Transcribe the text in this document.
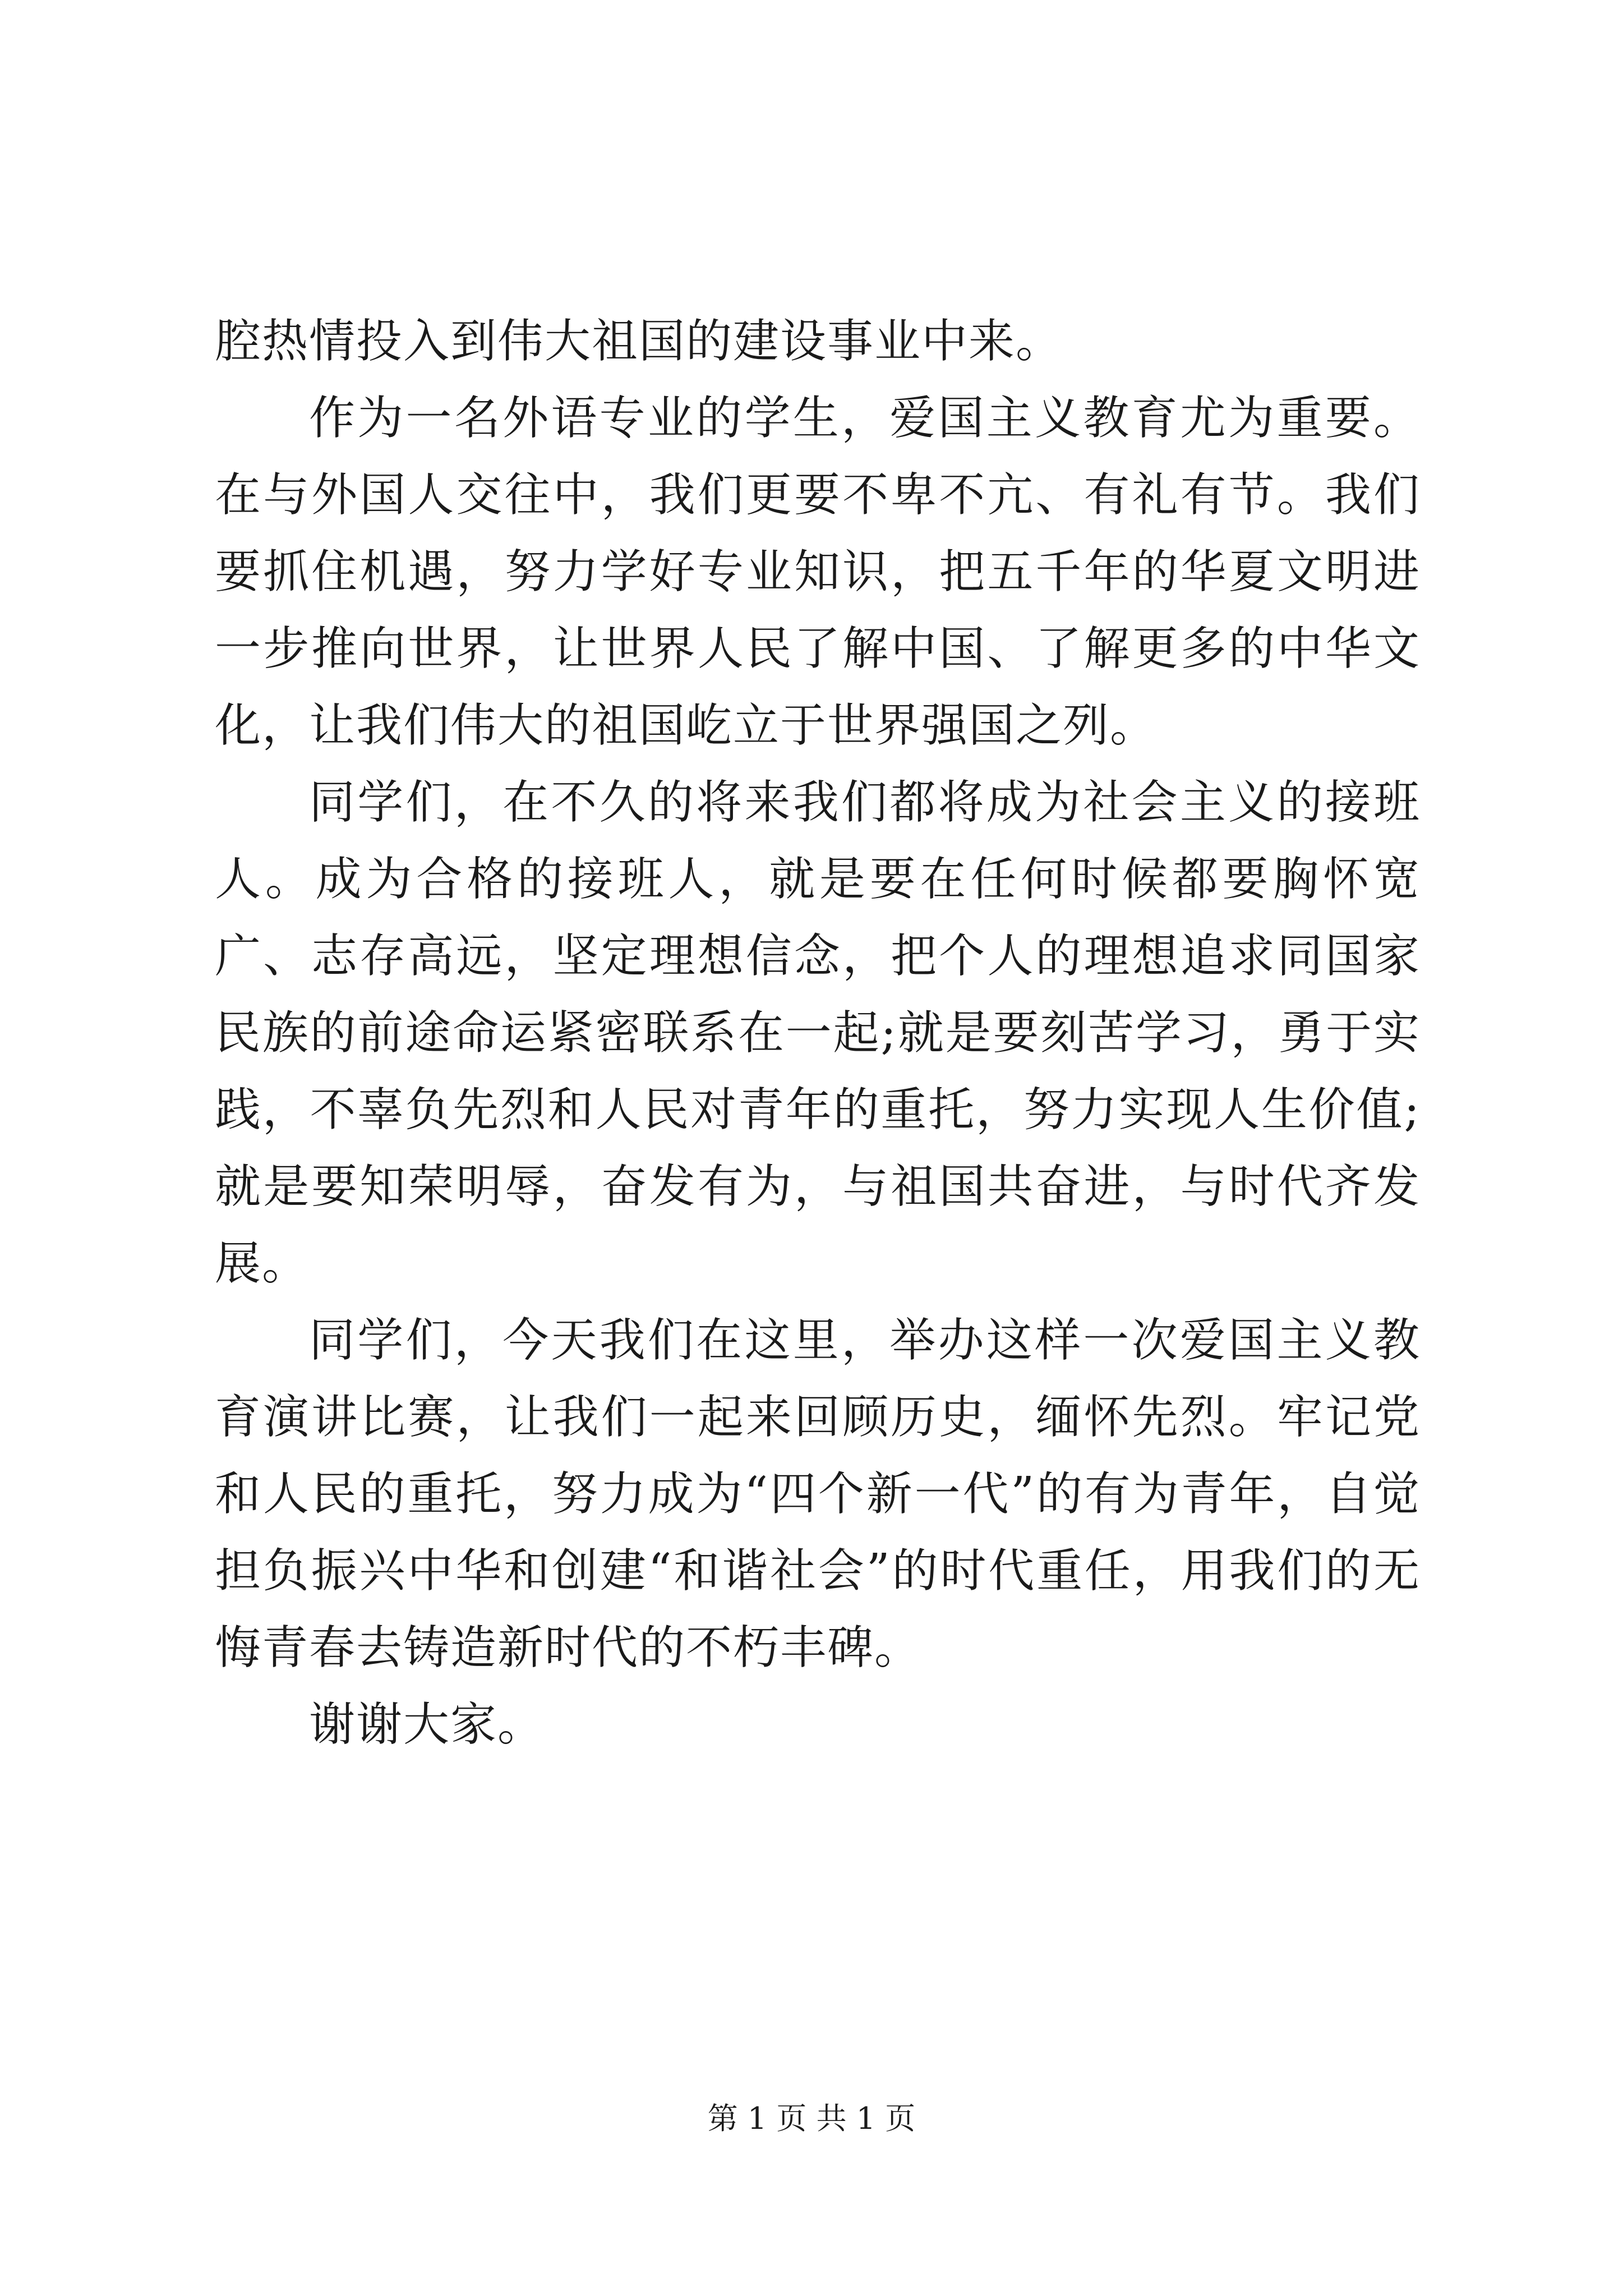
腔热情投入到伟大祖国的建设事业中来。

作为一名外语专业的学生，爱国主义教育尤为重要。在与外国人交往中，我们更要不卑不亢、有礼有节。我们要抓住机遇，努力学好专业知识，把五千年的华夏文明进一步推向世界，让世界人民了解中国、了解更多的中华文化，让我们伟大的祖国屹立于世界强国之列。

同学们，在不久的将来我们都将成为社会主义的接班人。成为合格的接班人，就是要在任何时候都要胸怀宽广、志存高远，坚定理想信念，把个人的理想追求同国家民族的前途命运紧密联系在一起;就是要刻苦学习，勇于实践，不辜负先烈和人民对青年的重托，努力实现人生价值;就是要知荣明辱，奋发有为，与祖国共奋进，与时代齐发展。

同学们，今天我们在这里，举办这样一次爱国主义教育演讲比赛，让我们一起来回顾历史，缅怀先烈。牢记党和人民的重托，努力成为“四个新一代”的有为青年，自觉担负振兴中华和创建“和谐社会”的时代重任，用我们的无悔青春去铸造新时代的不朽丰碑。

谢谢大家。

第 1 页 共 1 页
